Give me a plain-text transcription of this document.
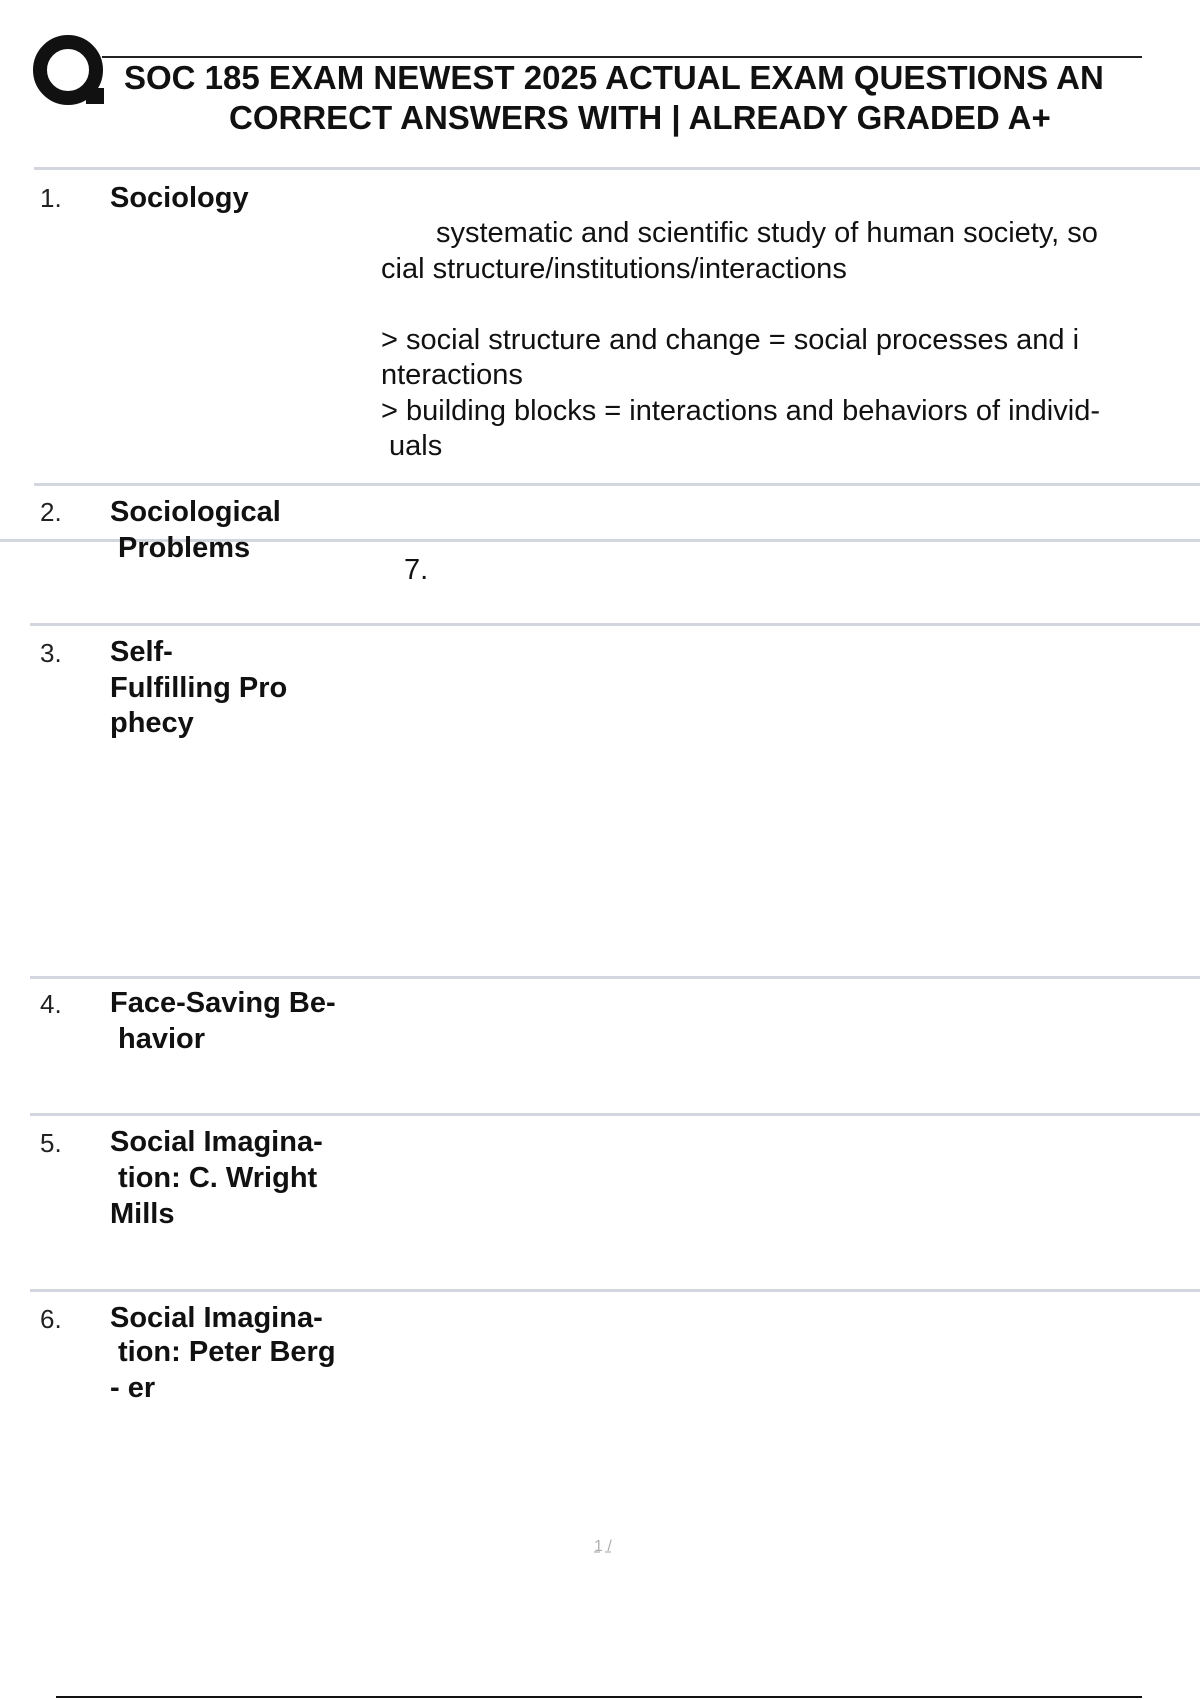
SOC 185 EXAM NEWEST 2025 ACTUAL EXAM QUESTIONS AN
CORRECT ANSWERS WITH | ALREADY GRADED A+
1. Sociology
systematic and scientific study of human society, so
cial structure/institutions/interactions
> social structure and change = social processes and i
nteractions
> building blocks = interactions and behaviors of individ-
uals
2. Sociological
Problems
7.
3. Self-
Fulfilling Pro
phecy
4. Face-Saving Be-
havior
5. Social Imagina-
tion: C. Wright
Mills
6. Social Imagina-
tion: Peter Berg
- er
1 /
